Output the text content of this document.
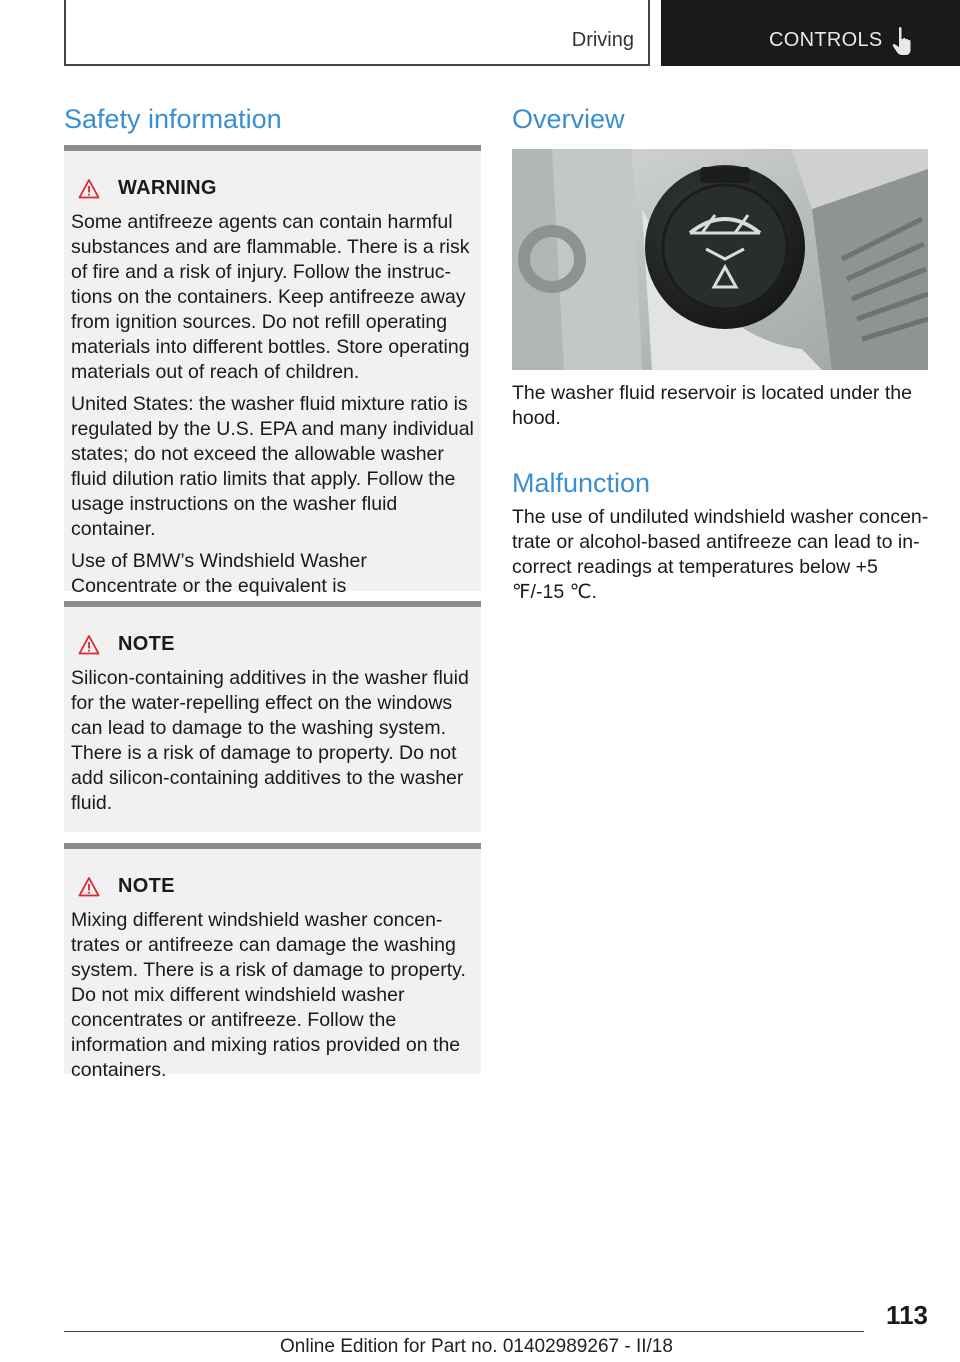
Driving	CONTROLS
Safety information
WARNING

Some antifreeze agents can contain harmful substances and are flammable. There is a risk of fire and a risk of injury. Follow the instructions on the containers. Keep antifreeze away from ignition sources. Do not refill operating materials into different bottles. Store operating materials out of reach of children.

United States: the washer fluid mixture ratio is regulated by the U.S. EPA and many individual states; do not exceed the allowable washer fluid dilution ratio limits that apply. Follow the usage instructions on the washer fluid container.

Use of BMW’s Windshield Washer Concentrate or the equivalent is

NOTE

Silicon-containing additives in the washer fluid for the water-repelling effect on the windows can lead to damage to the washing system. There is a risk of damage to property. Do not add silicon-containing additives to the washer fluid.

NOTE

Mixing different windshield washer concentrates or antifreeze can damage the washing system. There is a risk of damage to property. Do not mix different windshield washer concentrates or antifreeze. Follow the information and mixing ratios provided on the containers.

Overview
The washer fluid reservoir is located under the hood.
Malfunction
The use of undiluted windshield washer concentrate or alcohol-based antifreeze can lead to incorrect readings at temperatures below +5 ℉/-15 ℃.
113
Online Edition for Part no. 01402989267 - II/18
